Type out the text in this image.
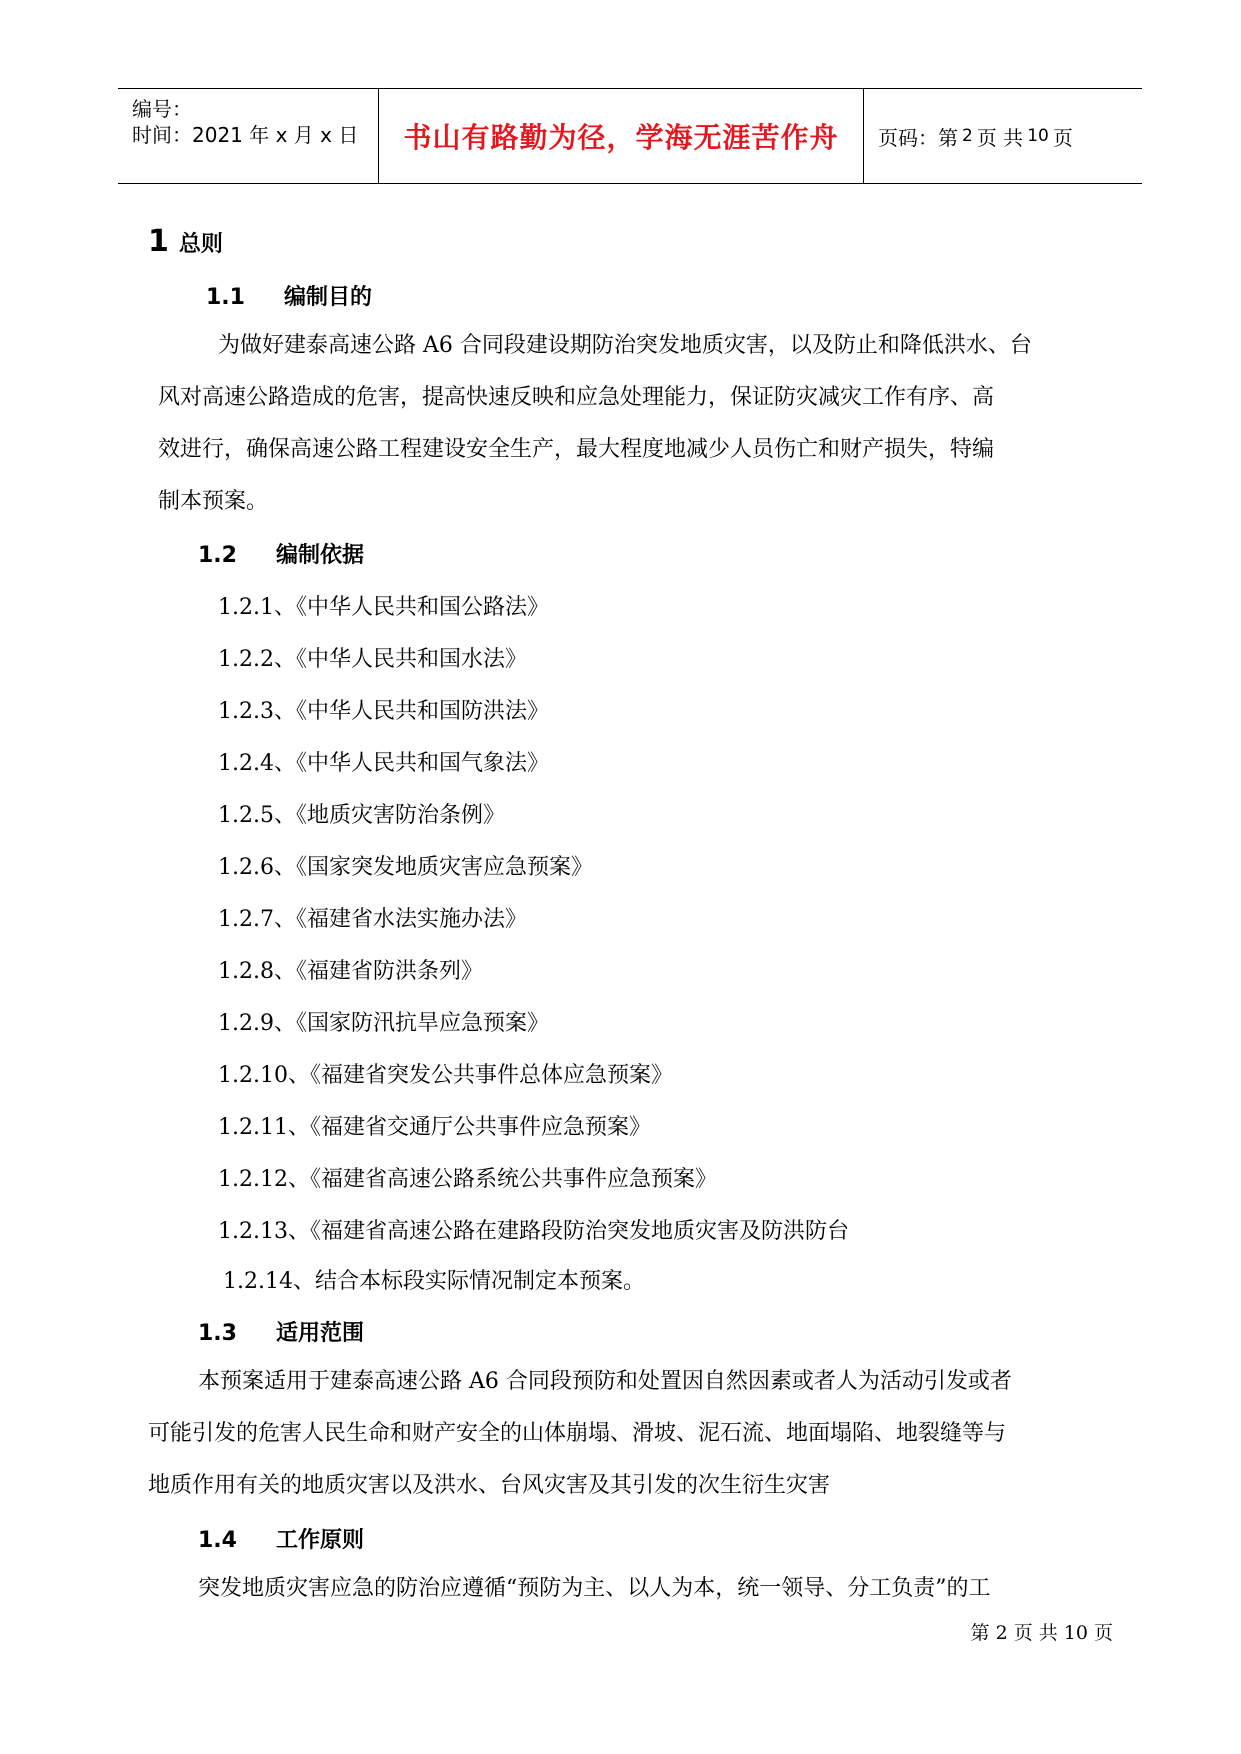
编号：
时间：2021 年 x 月 x 日 书山有路勤为径，学海无涯苦作舟 页码：第 2 页 共 10 页
1 总则
1.1 编制目的
为做好建泰高速公路 A6 合同段建设期防治突发地质灾害，以及防止和降低洪水、台
风对高速公路造成的危害，提高快速反映和应急处理能力，保证防灾减灾工作有序、高
效进行，确保高速公路工程建设安全生产，最大程度地减少人员伤亡和财产损失，特编
制本预案。
1.2 编制依据
1.2.1、《中华人民共和国公路法》
1.2.2、《中华人民共和国水法》
1.2.3、《中华人民共和国防洪法》
1.2.4、《中华人民共和国气象法》
1.2.5、《地质灾害防治条例》
1.2.6、《国家突发地质灾害应急预案》
1.2.7、《福建省水法实施办法》
1.2.8、《福建省防洪条列》
1.2.9、《国家防汛抗旱应急预案》
1.2.10、《福建省突发公共事件总体应急预案》
1.2.11、《福建省交通厅公共事件应急预案》
1.2.12、《福建省高速公路系统公共事件应急预案》
1.2.13、《福建省高速公路在建路段防治突发地质灾害及防洪防台
1.2.14、结合本标段实际情况制定本预案。
1.3 适用范围
本预案适用于建泰高速公路 A6 合同段预防和处置因自然因素或者人为活动引发或者
可能引发的危害人民生命和财产安全的山体崩塌、滑坡、泥石流、地面塌陷、地裂缝等与
地质作用有关的地质灾害以及洪水、台风灾害及其引发的次生衍生灾害
1.4 工作原则
突发地质灾害应急的防治应遵循“预防为主、以人为本，统一领导、分工负责”的工
第 2 页 共 10 页
